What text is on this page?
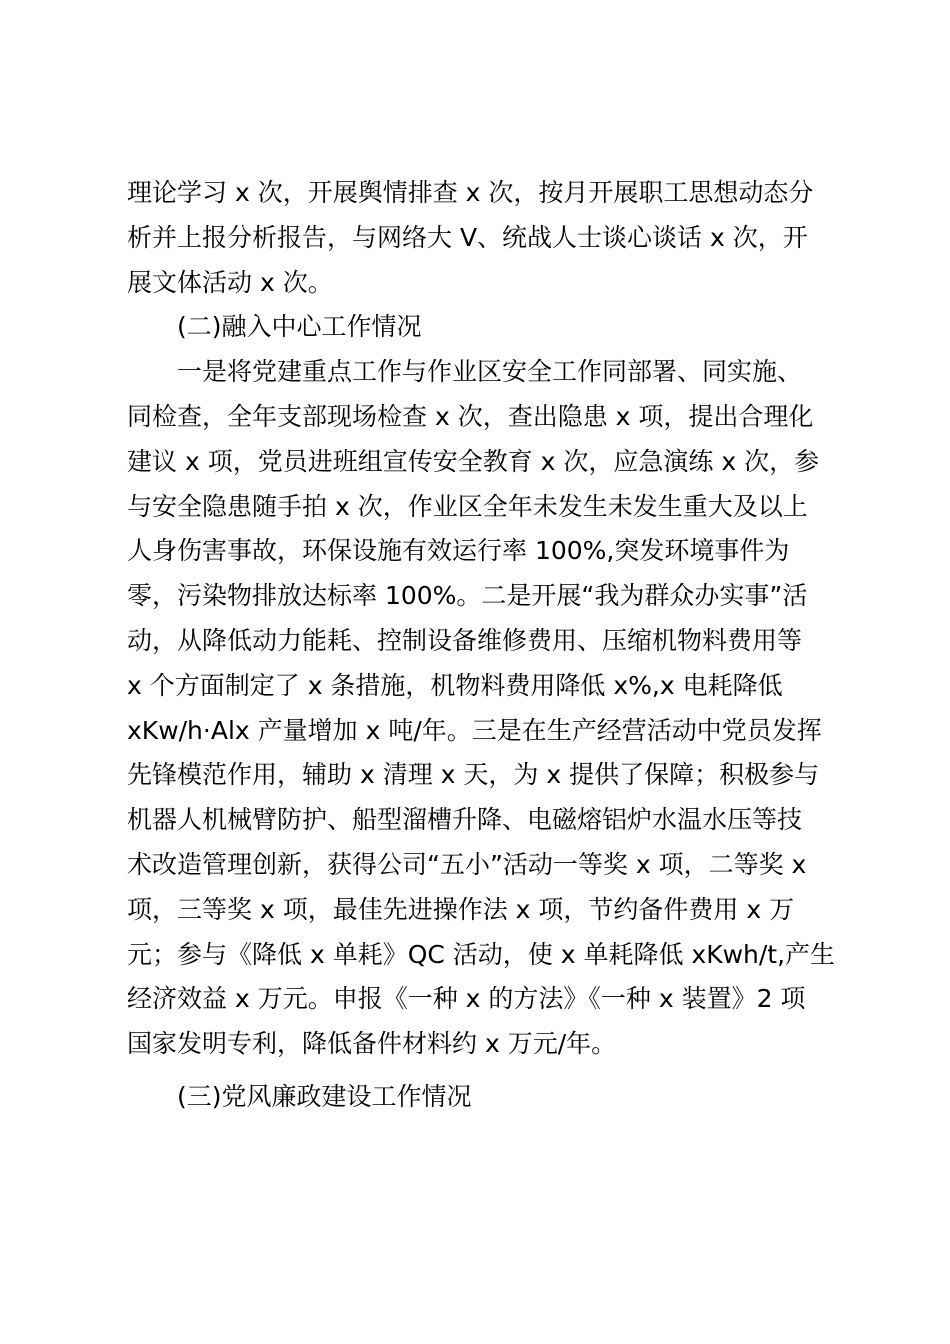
理论学习 x 次，开展舆情排查 x 次，按月开展职工思想动态分
析并上报分析报告，与网络大 V、统战人士谈心谈话 x 次，开
展文体活动 x 次。
(二)融入中心工作情况
一是将党建重点工作与作业区安全工作同部署、同实施、
同检查，全年支部现场检查 x 次，查出隐患 x 项，提出合理化
建议 x 项，党员进班组宣传安全教育 x 次，应急演练 x 次，参
与安全隐患随手拍 x 次，作业区全年未发生未发生重大及以上
人身伤害事故，环保设施有效运行率 100%,突发环境事件为
零，污染物排放达标率 100%。二是开展“我为群众办实事”活
动，从降低动力能耗、控制设备维修费用、压缩机物料费用等
x 个方面制定了 x 条措施，机物料费用降低 x%,x 电耗降低
xKw/h·Alx 产量增加 x 吨/年。三是在生产经营活动中党员发挥
先锋模范作用，辅助 x 清理 x 天，为 x 提供了保障；积极参与
机器人机械臂防护、船型溜槽升降、电磁熔铝炉水温水压等技
术改造管理创新，获得公司“五小”活动一等奖 x 项，二等奖 x
项，三等奖 x 项，最佳先进操作法 x 项，节约备件费用 x 万
元；参与《降低 x 单耗》QC 活动，使 x 单耗降低 xKwh/t,产生
经济效益 x 万元。申报《一种 x 的方法》《一种 x 装置》2 项
国家发明专利，降低备件材料约 x 万元/年。
(三)党风廉政建设工作情况
